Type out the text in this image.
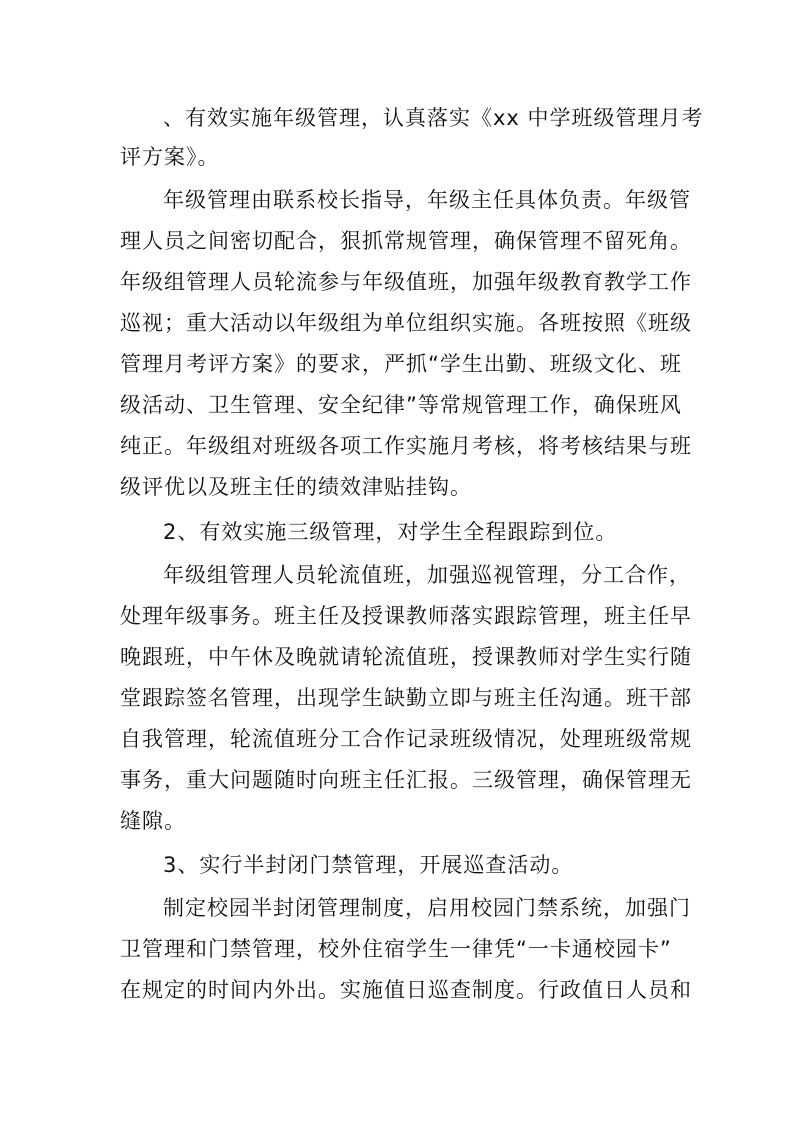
、有效实施年级管理，认真落实《xx 中学班级管理月考
评方案》。
年级管理由联系校长指导，年级主任具体负责。年级管
理人员之间密切配合，狠抓常规管理，确保管理不留死角。
年级组管理人员轮流参与年级值班，加强年级教育教学工作
巡视；重大活动以年级组为单位组织实施。各班按照《班级
管理月考评方案》的要求，严抓“学生出勤、班级文化、班
级活动、卫生管理、安全纪律”等常规管理工作，确保班风
纯正。年级组对班级各项工作实施月考核，将考核结果与班
级评优以及班主任的绩效津贴挂钩。
2、有效实施三级管理，对学生全程跟踪到位。
年级组管理人员轮流值班，加强巡视管理，分工合作，
处理年级事务。班主任及授课教师落实跟踪管理，班主任早
晚跟班，中午休及晚就请轮流值班，授课教师对学生实行随
堂跟踪签名管理，出现学生缺勤立即与班主任沟通。班干部
自我管理，轮流值班分工合作记录班级情况，处理班级常规
事务，重大问题随时向班主任汇报。三级管理，确保管理无
缝隙。
3、实行半封闭门禁管理，开展巡查活动。
制定校园半封闭管理制度，启用校园门禁系统，加强门
卫管理和门禁管理，校外住宿学生一律凭“一卡通校园卡”
在规定的时间内外出。实施值日巡查制度。行政值日人员和
